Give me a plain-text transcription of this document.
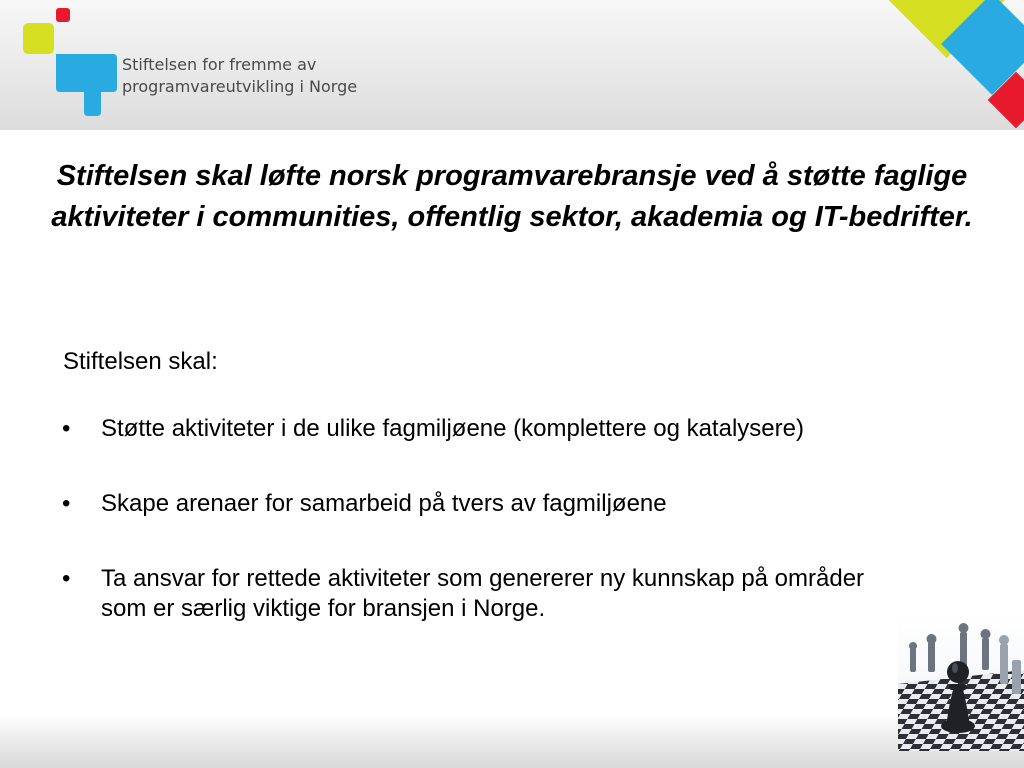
Stiftelsen for fremme av
programvareutvikling i Norge
Stiftelsen skal løfte norsk programvarebransje ved å støtte faglige aktiviteter i communities, offentlig sektor, akademia og IT-bedrifter.

Stiftelsen skal:

•	Støtte aktiviteter i de ulike fagmiljøene (komplettere og katalysere)
•	Skape arenaer for samarbeid på tvers av fagmiljøene
•	Ta ansvar for rettede aktiviteter som genererer ny kunnskap på områder som er særlig viktige for bransjen i Norge.
